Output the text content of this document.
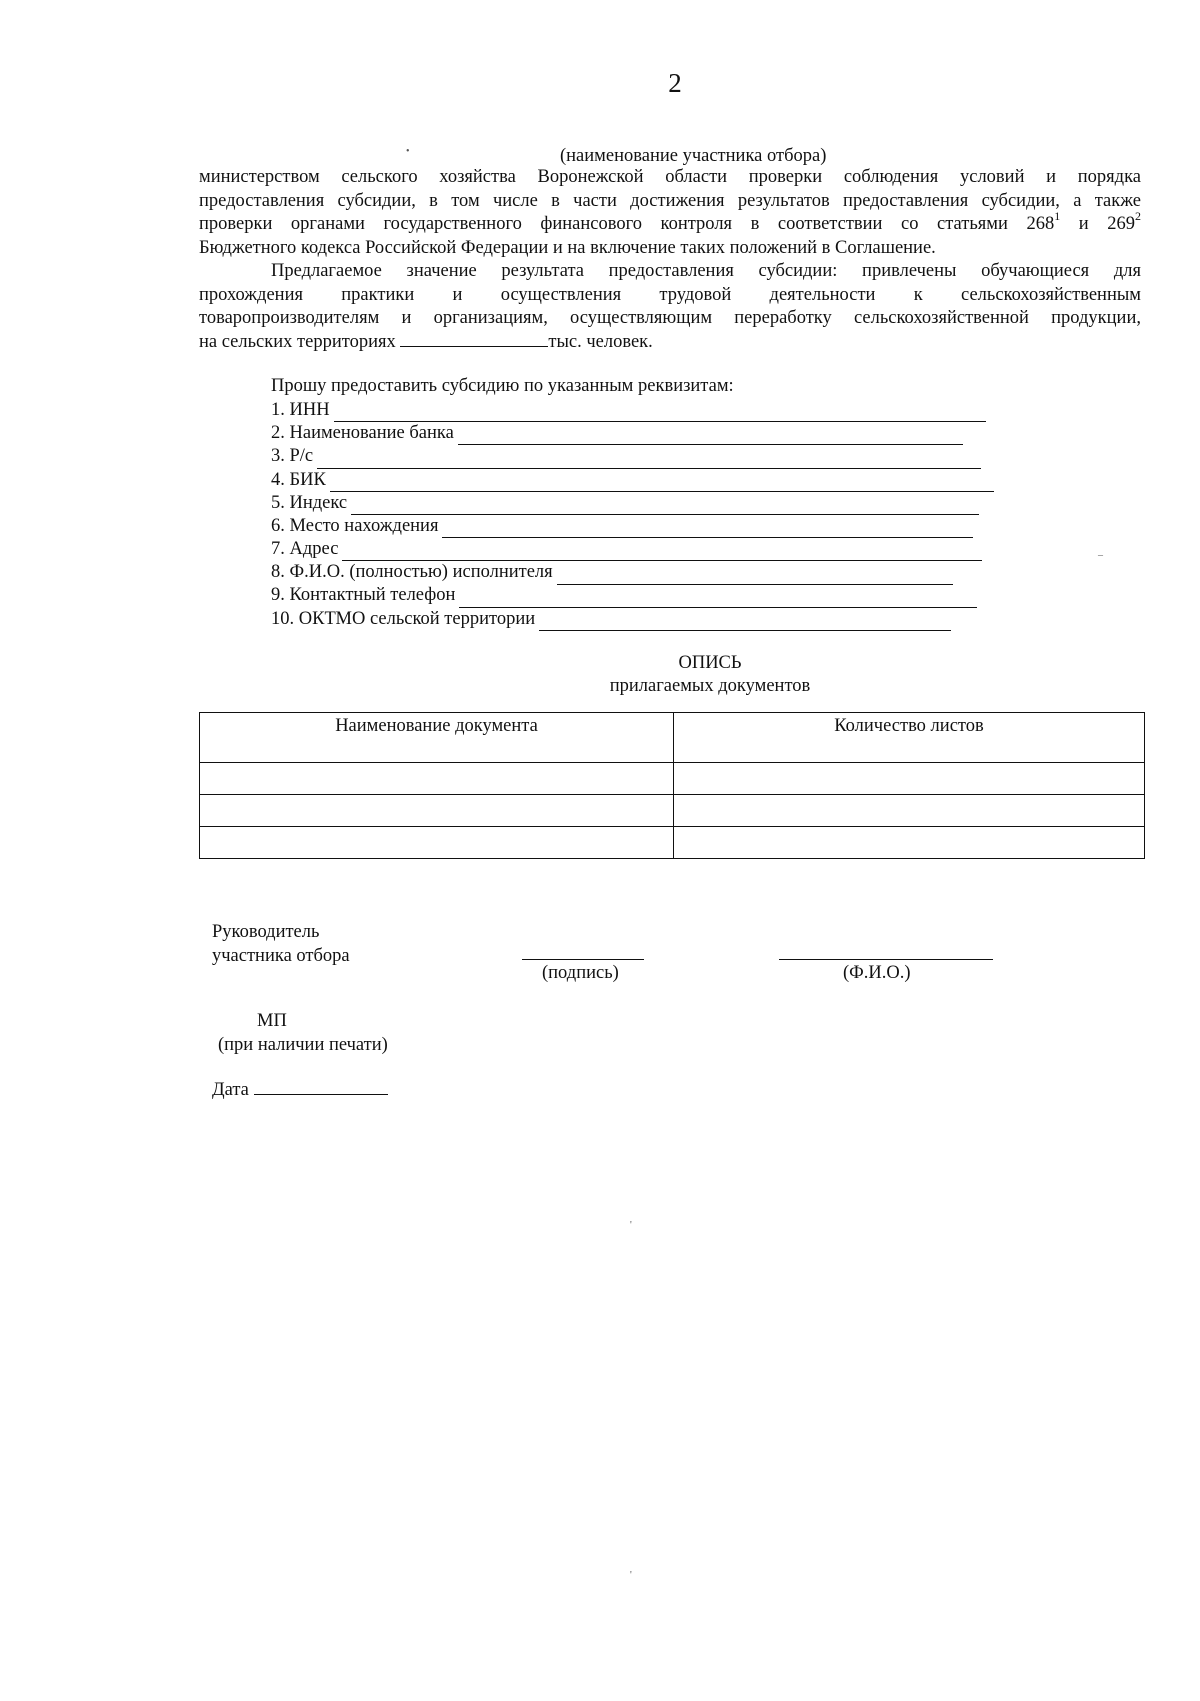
2
(наименование участника отбора)
министерством сельского хозяйства Воронежской области проверки соблюдения условий и порядка
предоставления субсидии, в том числе в части достижения результатов предоставления субсидии, а также
проверки органами государственного финансового контроля в соответствии со статьями $268^1$ и $269^2$
Бюджетного кодекса Российской Федерации и на включение таких положений в Соглашение.
Предлагаемое значение результата предоставления субсидии: привлечены обучающиеся для
прохождения практики и осуществления трудовой деятельности к сельскохозяйственным
товаропроизводителям и организациям, осуществляющим переработку сельскохозяйственной продукции,
на сельских территориях	тыс. человек.
Прошу предоставить субсидию по указанным реквизитам:
1. ИНН
2. Наименование банка
3. Р/с
4. БИК
5. Индекс
6. Место нахождения
7. Адрес
8. Ф.И.О. (полностью) исполнителя
9. Контактный телефон
10. ОКТМО сельской территории
ОПИСЬ
прилагаемых документов
Наименование документа	Количество листов

Руководитель
участника отбора
(подпись)	(Ф.И.О.)
МП
(при наличии печати)
Дата
•
–
'
'
